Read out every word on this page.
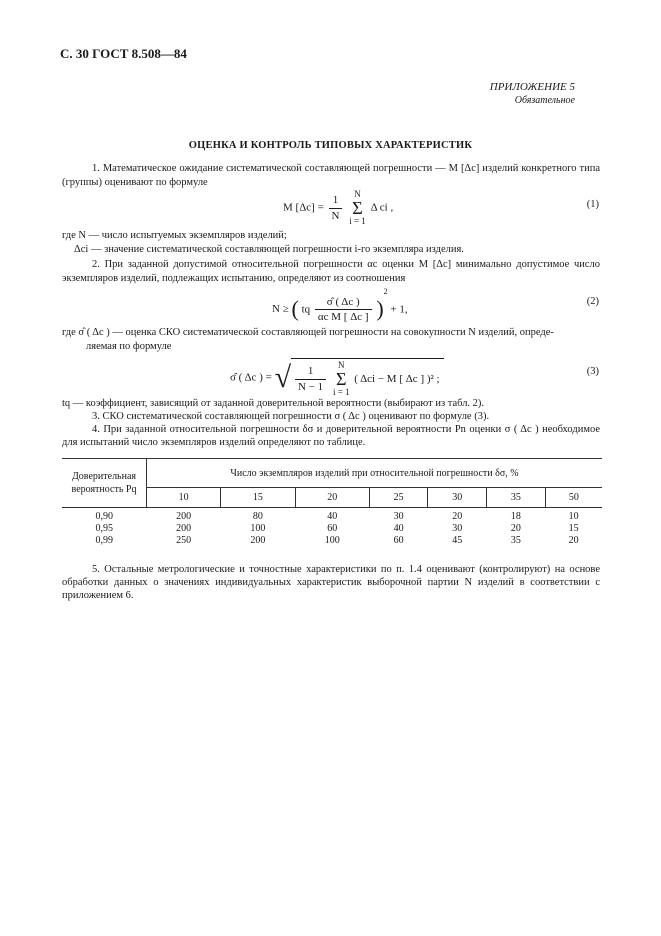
С. 30 ГОСТ 8.508—84
ПРИЛОЖЕНИЕ 5
Обязательное
ОЦЕНКА И КОНТРОЛЬ ТИПОВЫХ ХАРАКТЕРИСТИК
1. Математическое ожидание систематической составляющей погрешности — M [Δc] изделий конкретного типа (группы) оценивают по формуле
M $[\Delta c] = \frac{1}{N}$ N
Σ
i = 1 Δ ci ,	(1)
где N — число испытуемых экземпляров изделий;
Δci — значение систематической составляющей погрешности i-го экземпляра изделия.
2. При заданной допустимой относительной погрешности αc оценки M [Δc] минимально допустимое число экземпляров изделий, подлежащих испытанию, определяют из соотношения
N ≥ ( tq $\frac{\sigmâ ( \Delta c )}{\text{αc M [ Δc ]}} )^2 + 1$,
(2)
где σ̂ ( Δc ) — оценка СКО систематической составляющей погрешности на совокупности N изделий, опреде-
ляемая по формуле
σ̂ ( Δc ) = √ $\frac{1}{N - 1}$ N
Σ
i = 1 ( Δci − M [ Δc ] )² ;
(3)
tq — коэффициент, зависящий от заданной доверительной вероятности (выбирают из табл. 2).
3. СКО систематической составляющей погрешности σ ( Δc ) оценивают по формуле (3).
4. При заданной относительной погрешности δσ и доверительной вероятности Pn оценки σ ( Δc ) необходимое для испытаний число экземпляров изделий определяют по таблице.
Доверительная вероятность Pq	Число экземпляров изделий при относительной погрешности δσ, %						
	10	15	20	25	30	35	50
0,90	200	80	40	30	20	18	10
0,95	200	100	60	40	30	20	15
0,99	250	200	100	60	45	35	20
5. Остальные метрологические и точностные характеристики по п. 1.4 оценивают (контролируют) на основе обработки данных о значениях индивидуальных характеристик выборочной партии N изделий в соответствии с приложением 6.
